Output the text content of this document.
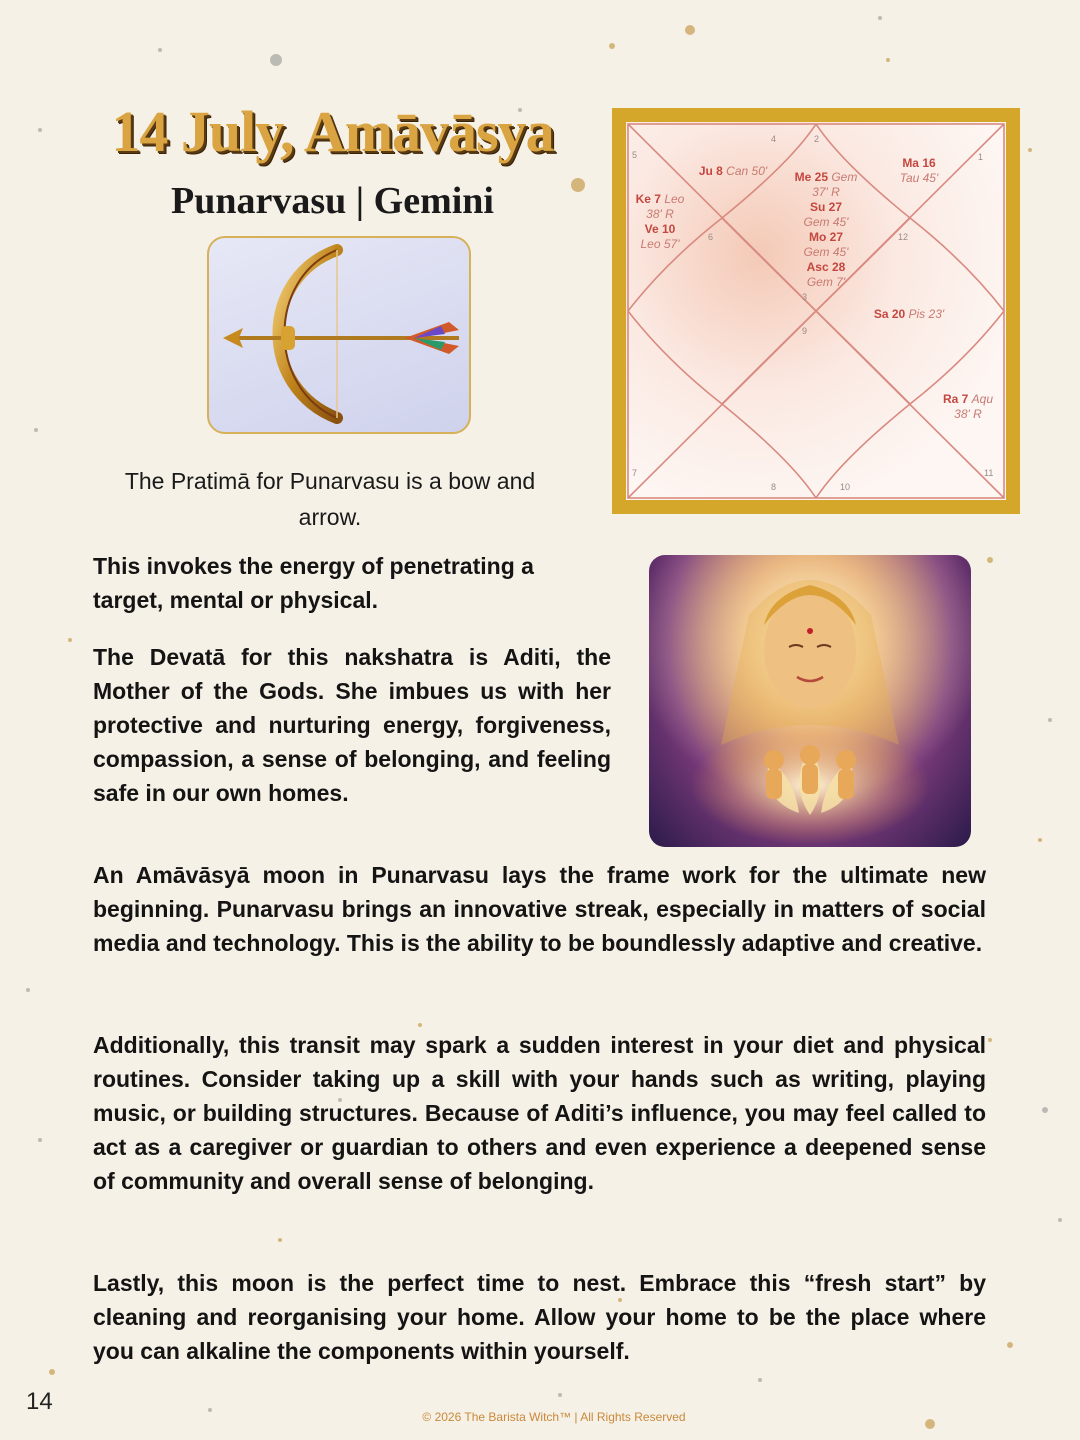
14 July, Amāvāsya
Punarvasu | Gemini

The Pratimā for Punarvasu is a bow and arrow.

2
1
4
5
6
3
9
12
7
8	10
11
Ma 16
Tau 45'
Ju 8 Can 50'
Ke 7 Leo
38' R
Ve 10
Leo 57'
Me 25 Gem
37' R
Su 27
Gem 45'
Mo 27
Gem 45'
Asc 28
Gem 7'
Sa 20 Pis 23'
Ra 7 Aqu
38' R

This invokes the energy of penetrating a target, mental or physical.

The Devatā for this nakshatra is Aditi, the Mother of the Gods. She imbues us with her protective and nurturing energy, forgiveness, compassion, a sense of belonging, and feeling safe in our own homes.

An Amāvāsyā moon in Punarvasu lays the frame work for the ultimate new beginning. Punarvasu brings an innovative streak, especially in matters of social media and technology. This is the ability to be boundlessly adaptive and creative.

Additionally, this transit may spark a sudden interest in your diet and physical routines. Consider taking up a skill with your hands such as writing, playing music, or building structures. Because of Aditi’s influence, you may feel called to act as a caregiver or guardian to others and even experience a deepened sense of community and overall sense of belonging.

Lastly, this moon is the perfect time to nest. Embrace this “fresh start” by cleaning and reorganising your home. Allow your home to be the place where you can alkaline the components within yourself.

14

© 2026 The Barista Witch™ | All Rights Reserved
